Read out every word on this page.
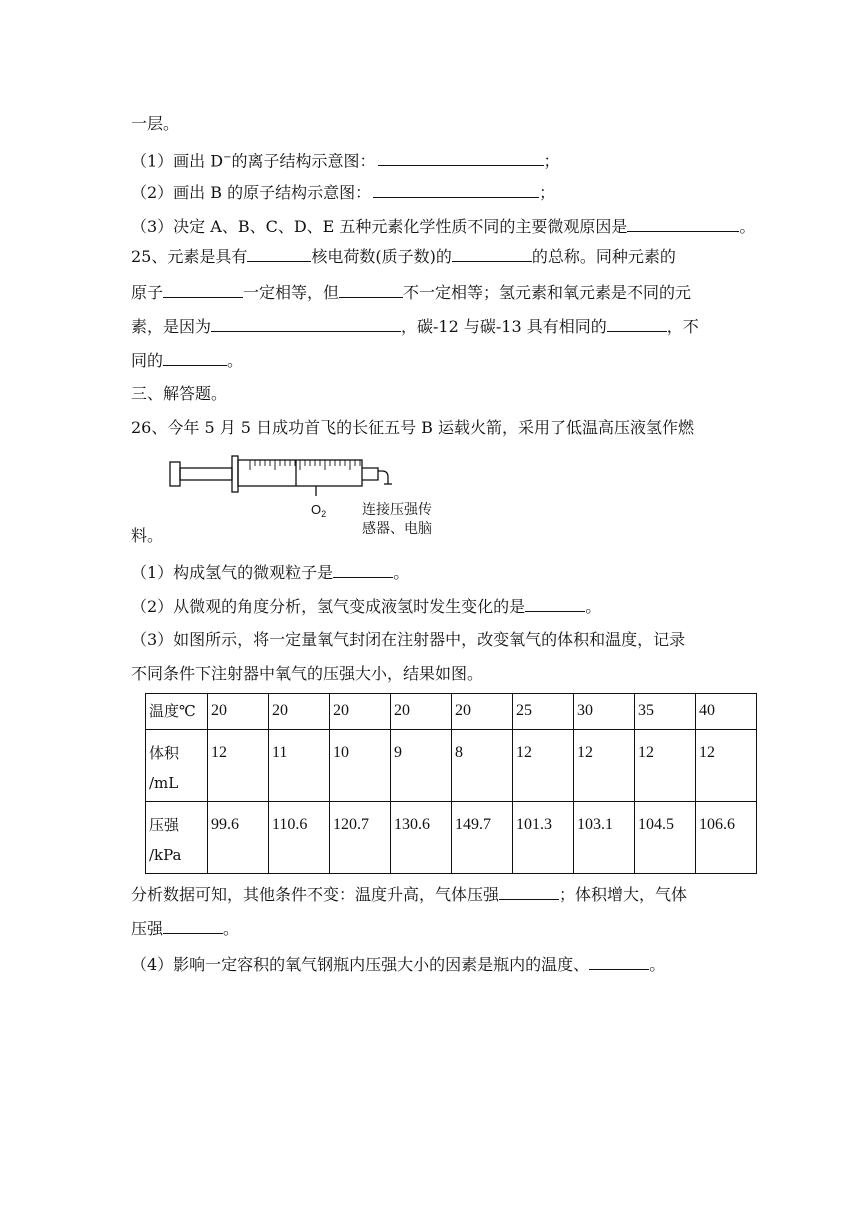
一层。
（1）画出 D−的离子结构示意图：	；
（2）画出 B 的原子结构示意图：	；
（3）决定 A、B、C、D、E 五种元素化学性质不同的主要微观原因是	。
25、元素是具有	核电荷数(质子数)的	的总称。同种元素的
原子	一定相等，但	不一定相等；氢元素和氧元素是不同的元
素，是因为	，碳-12 与碳-13 具有相同的	，不
同的	。
三、解答题。
26、今年 5 月 5 日成功首飞的长征五号 B 运载火箭，采用了低温高压液氢作燃
$O_2$	连接压强传
感器、电脑
料。
（1）构成氢气的微观粒子是	。
（2）从微观的角度分析，氢气变成液氢时发生变化的是	。
（3）如图所示，将一定量氧气封闭在注射器中，改变氧气的体积和温度，记录
不同条件下注射器中氧气的压强大小，结果如图。
温度℃	20	20	20	20	20	25	30	35	40

体积
/mL	12	11	10	9	8	12	12	12	12

压强
/kPa	99.6	110.6	120.7	130.6	149.7	101.3	103.1	104.5	106.6
分析数据可知，其他条件不变：温度升高，气体压强	；体积增大，气体
压强	。
（4）影响一定容积的氧气钢瓶内压强大小的因素是瓶内的温度、	。
